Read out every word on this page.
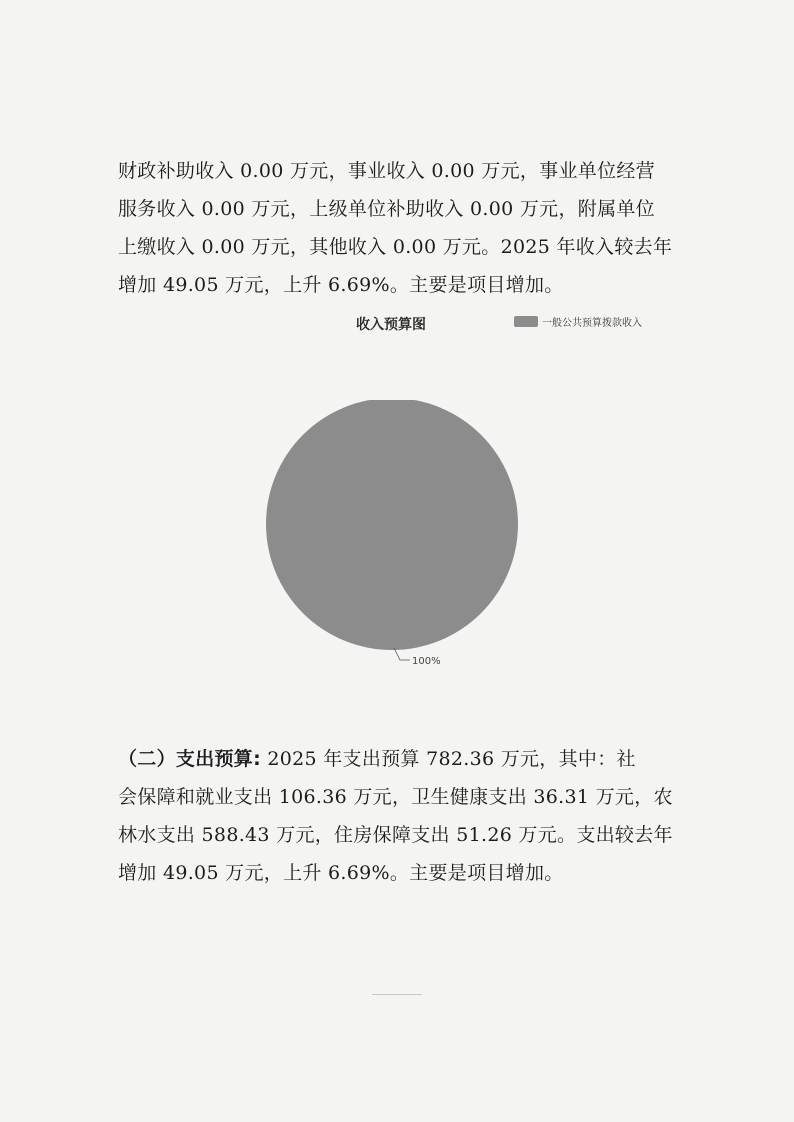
财政补助收入 0.00 万元，事业收入 0.00 万元，事业单位经营
服务收入 0.00 万元，上级单位补助收入 0.00 万元，附属单位
上缴收入 0.00 万元，其他收入 0.00 万元。2025 年收入较去年
增加 49.05 万元，上升 6.69%。主要是项目增加。

收入预算图	一般公共预算拨款收入
100%

（二）支出预算: 2025 年支出预算 782.36 万元，其中：社
会保障和就业支出 106.36 万元，卫生健康支出 36.31 万元，农
林水支出 588.43 万元，住房保障支出 51.26 万元。支出较去年
增加 49.05 万元，上升 6.69%。主要是项目增加。
